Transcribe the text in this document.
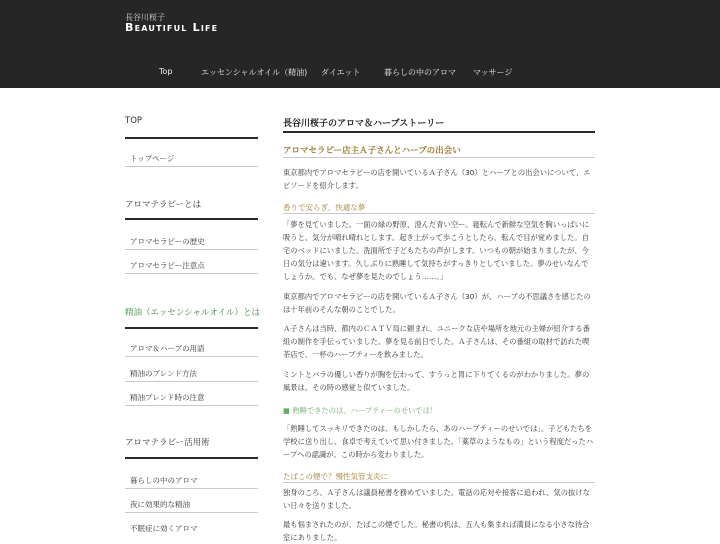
長谷川桜子
Beautiful Life
Top	エッセンシャルオイル（精油) ダイエット	暮らしの中のアロマ マッサージ
TOP
トップページ
アロマテラピーとは
アロマセラピーの歴史
アロマセラピー注意点
精油（エッセンシャルオイル）とは
アロマ＆ハーブの用語
精油のブレンド方法
精油ブレンド時の注意
アロマテラピー活用術
暮らしの中のアロマ
夜に効果的な精油
不眠症に効くアロマ
長谷川桜子のアロマ＆ハーブストーリー
アロマセラピー店主Ａ子さんとハーブの出会い

東京都内でアロマセラピーの店を開いているＡ子さん（30）とハーブとの出会いについて、エピソードを紹介します。

香りで安らぎ、快適な夢

「夢を見ていました。一面の緑の野原、澄んだ青い空ー。寝転んで新鮮な空気を胸いっぱいに吸うと、気分が晴れ晴れとします。起き上がって歩こうとしたら、転んで目が覚めました。自宅のベッドにいました。洗面所で子どもたちの声がします。いつもの朝が始まりましたが、今日の気分は違います。久しぶりに熟睡して気持ちがすっきりとしていました。夢のせいなんでしょうか。でも、なぜ夢を見たのでしょう……。」

東京都内でアロマセラピーの店を開いているＡ子さん（30）が、ハーブの不思議さを感じたのは十年前のそんな朝のことでした。

Ａ子さんは当時、都内のＣＡＴＶ局に頼まれ、ユニークな店や場所を地元の主婦が紹介する番組の制作を手伝っていました。夢を見る前日でした。Ａ子さんは、その番組の取材で訪れた喫茶店で、一杯のハーブティーを飲みました。

ミントとバラの優しい香りが胸を伝わって、すうっと胃に下りてくるのがわかりました。夢の風景は、その時の感覚と似ていました。

■ 熟睡できたのは、ハーブティーのせいでは！

「熟睡してスッキリできたのは、もしかしたら、あのハーブティーのせいでは」。子どもたちを学校に送り出し、食卓で考えていて思い付きました。「薬草のようなもの」という程度だったハーブへの認識が、この時から変わりました。

たばこの煙で？慢性気管支炎に

独身のころ、Ａ子さんは議員秘書を務めていました。電話の応対や接客に追われ、気の抜けない日々を送りました。

最も悩まされたのが、たばこの煙でした。秘書の机は、五人も集まれば満員になる小さな待合室にありました。
